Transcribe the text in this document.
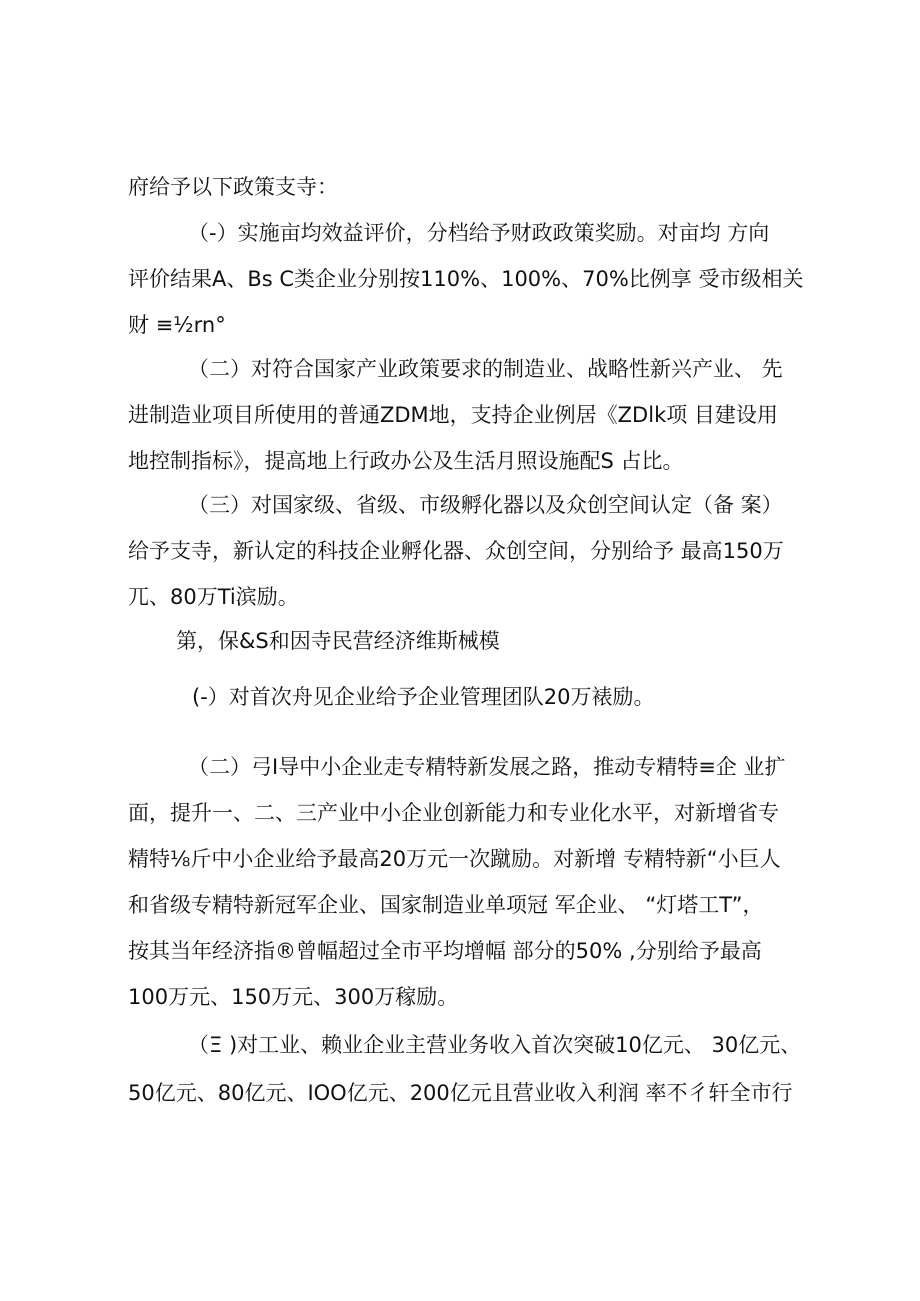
府给予以下政策支寺：
（-）实施亩均效益评价，分档给予财政政策奖励。对亩均 方向
评价结果A、Bs C类企业分别按110%、100%、70%比例享 受市级相关
财 ≡½rn°
（二）对符合国家产业政策要求的制造业、战略性新兴产业、 先
进制造业项目所使用的普通ZDM地，支持企业例居《ZDlk项 目建设用
地控制指标》，提高地上行政办公及生活月照设施配S 占比。
（三）对国家级、省级、市级孵化器以及众创空间认定（备 案）
给予支寺，新认定的科技企业孵化器、众创空间，分别给予 最高150万
兀、80万Ti滨励。
第，保&S和因寺民营经济维斯械模
(-）对首次舟见企业给予企业管理团队20万裱励。
（二）弓I导中小企业走专精特新发展之路，推动专精特≡企 业扩
面，提升一、二、三产业中小企业创新能力和专业化水平，对新增省专
精特⅛斤中小企业给予最高20万元一次蹴励。对新增 专精特新“小巨人
和省级专精特新冠军企业、国家制造业单项冠 军企业、 “灯塔工T”，
按其当年经济指®曾幅超过全市平均增幅 部分的50% ,分别给予最高
100万元、150万元、300万稼励。
（Ξ )对工业、赖业企业主营业务收入首次突破10亿元、 30亿元、
50亿元、80亿元、IOO亿元、200亿元且营业收入利润 率不彳轩全市行
